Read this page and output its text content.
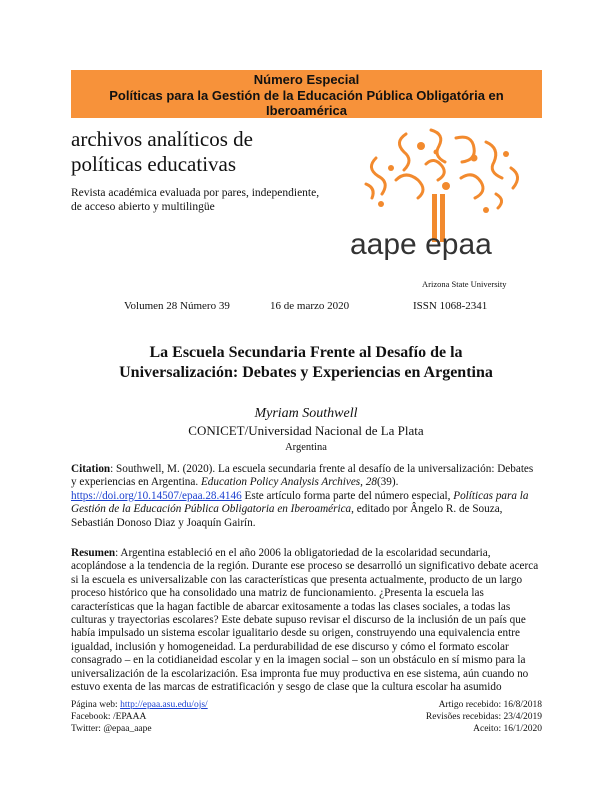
Número Especial
Políticas para la Gestión de la Educación Pública Obligatória en Iberoamérica
archivos analíticos de
políticas educativas
Revista académica evaluada por pares, independiente,
de acceso abierto y multilingüe
aape epaa
Arizona State University
Volumen 28 Número 39	16 de marzo 2020	ISSN 1068-2341
La Escuela Secundaria Frente al Desafío de la
Universalización: Debates y Experiencias en Argentina
Myriam Southwell
CONICET/Universidad Nacional de La Plata
Argentina
Citation: Southwell, M. (2020). La escuela secundaria frente al desafío de la universalización: Debates y experiencias en Argentina. Education Policy Analysis Archives, 28(39). https://doi.org/10.14507/epaa.28.4146 Este artículo forma parte del número especial, Políticas para la Gestión de la Educación Pública Obligatoria en Iberoamérica, editado por Ângelo R. de Souza, Sebastián Donoso Diaz y Joaquín Gairín.
Resumen: Argentina estableció en el año 2006 la obligatoriedad de la escolaridad secundaria, acoplándose a la tendencia de la región. Durante ese proceso se desarrolló un significativo debate acerca si la escuela es universalizable con las características que presenta actualmente, producto de un largo proceso histórico que ha consolidado una matriz de funcionamiento. ¿Presenta la escuela las características que la hagan factible de abarcar exitosamente a todas las clases sociales, a todas las culturas y trayectorias escolares? Este debate supuso revisar el discurso de la inclusión de un país que había impulsado un sistema escolar igualitario desde su origen, construyendo una equivalencia entre igualdad, inclusión y homogeneidad. La perdurabilidad de ese discurso y cómo el formato escolar consagrado – en la cotidianeidad escolar y en la imagen social – son un obstáculo en sí mismo para la universalización de la escolarización. Esa impronta fue muy productiva en ese sistema, aún cuando no estuvo exenta de las marcas de estratificación y sesgo de clase que la cultura escolar ha asumido
Página web: http://epaa.asu.edu/ojs/
Facebook: /EPAAA
Twitter: @epaa_aape
Artigo recebido: 16/8/2018
Revisões recebidas: 23/4/2019
Aceito: 16/1/2020
